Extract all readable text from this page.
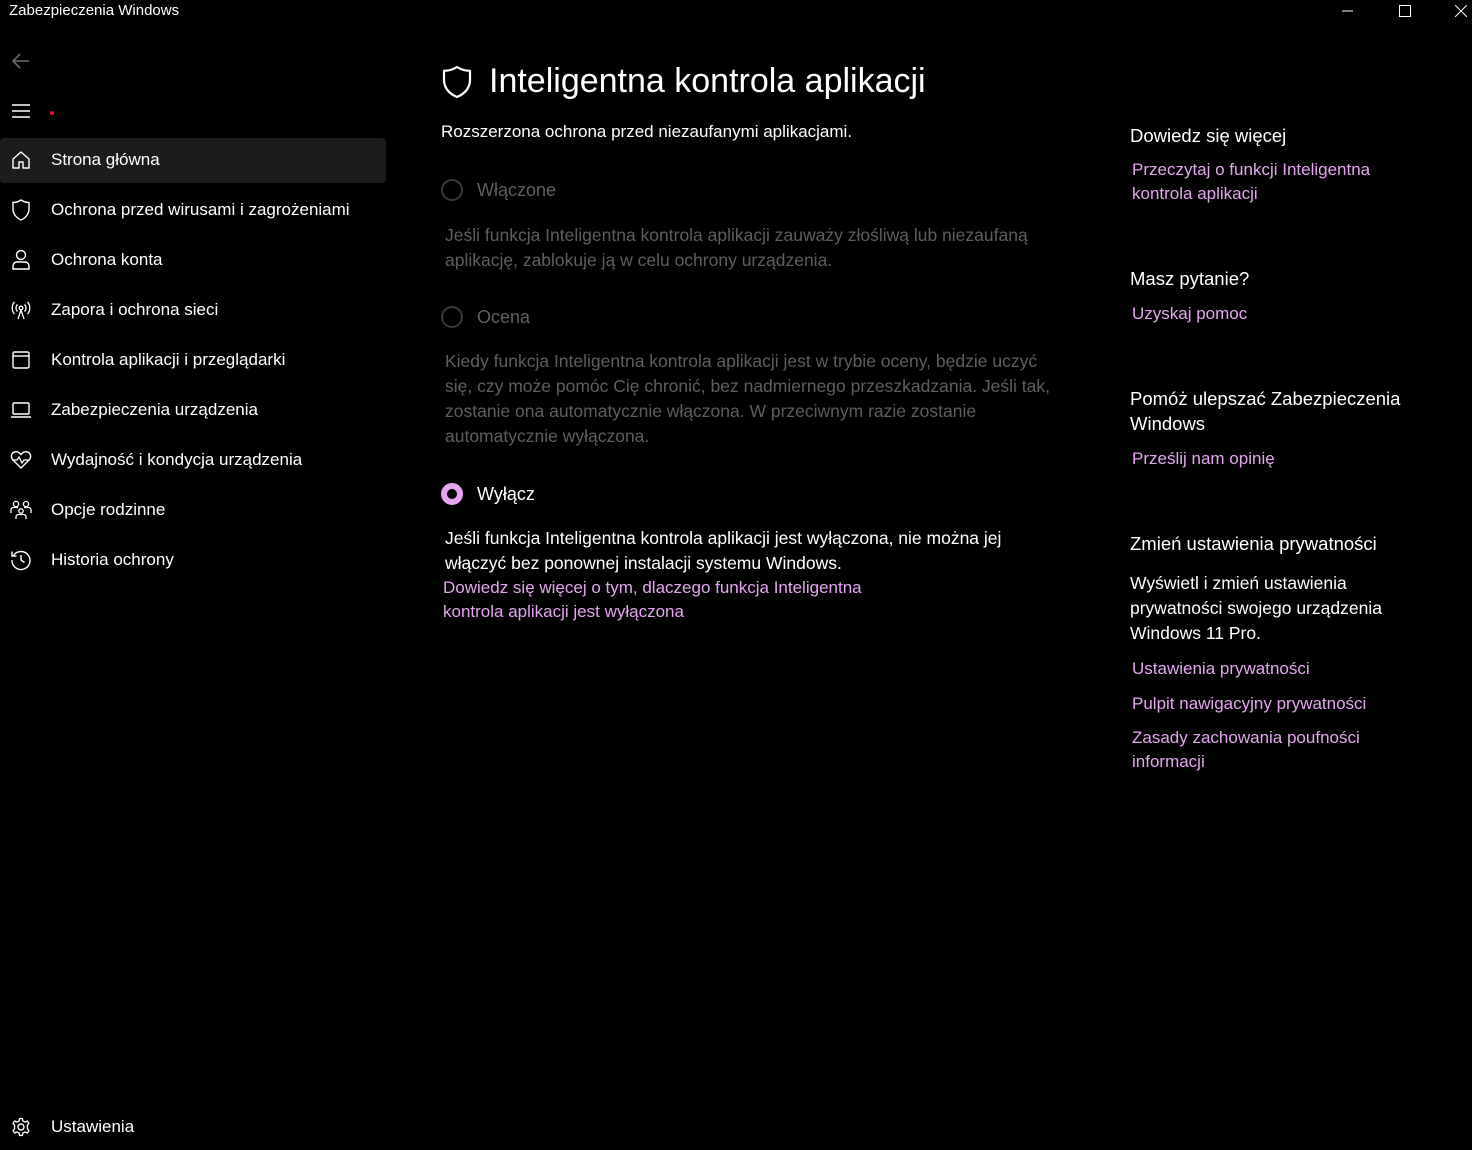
Zabezpieczenia Windows
Strona główna
Ochrona przed wirusami i zagrożeniami
Ochrona konta
Zapora i ochrona sieci
Kontrola aplikacji i przeglądarki
Zabezpieczenia urządzenia
Wydajność i kondycja urządzenia
Opcje rodzinne
Historia ochrony
Ustawienia
Inteligentna kontrola aplikacji
Rozszerzona ochrona przed niezaufanymi aplikacjami.
Włączone
Jeśli funkcja Inteligentna kontrola aplikacji zauważy złośliwą lub niezaufaną aplikację, zablokuje ją w celu ochrony urządzenia.
Ocena
Kiedy funkcja Inteligentna kontrola aplikacji jest w trybie oceny, będzie uczyć się, czy może pomóc Cię chronić, bez nadmiernego przeszkadzania. Jeśli tak, zostanie ona automatycznie włączona. W przeciwnym razie zostanie automatycznie wyłączona.
Wyłącz
Jeśli funkcja Inteligentna kontrola aplikacji jest wyłączona, nie można jej włączyć bez ponownej instalacji systemu Windows.
Dowiedz się więcej o tym, dlaczego funkcja Inteligentna kontrola aplikacji jest wyłączona
Dowiedz się więcej
Przeczytaj o funkcji Inteligentna kontrola aplikacji
Masz pytanie?
Uzyskaj pomoc
Pomóż ulepszać Zabezpieczenia Windows
Prześlij nam opinię
Zmień ustawienia prywatności
Wyświetl i zmień ustawienia prywatności swojego urządzenia Windows 11 Pro.
Ustawienia prywatności
Pulpit nawigacyjny prywatności
Zasady zachowania poufności informacji
